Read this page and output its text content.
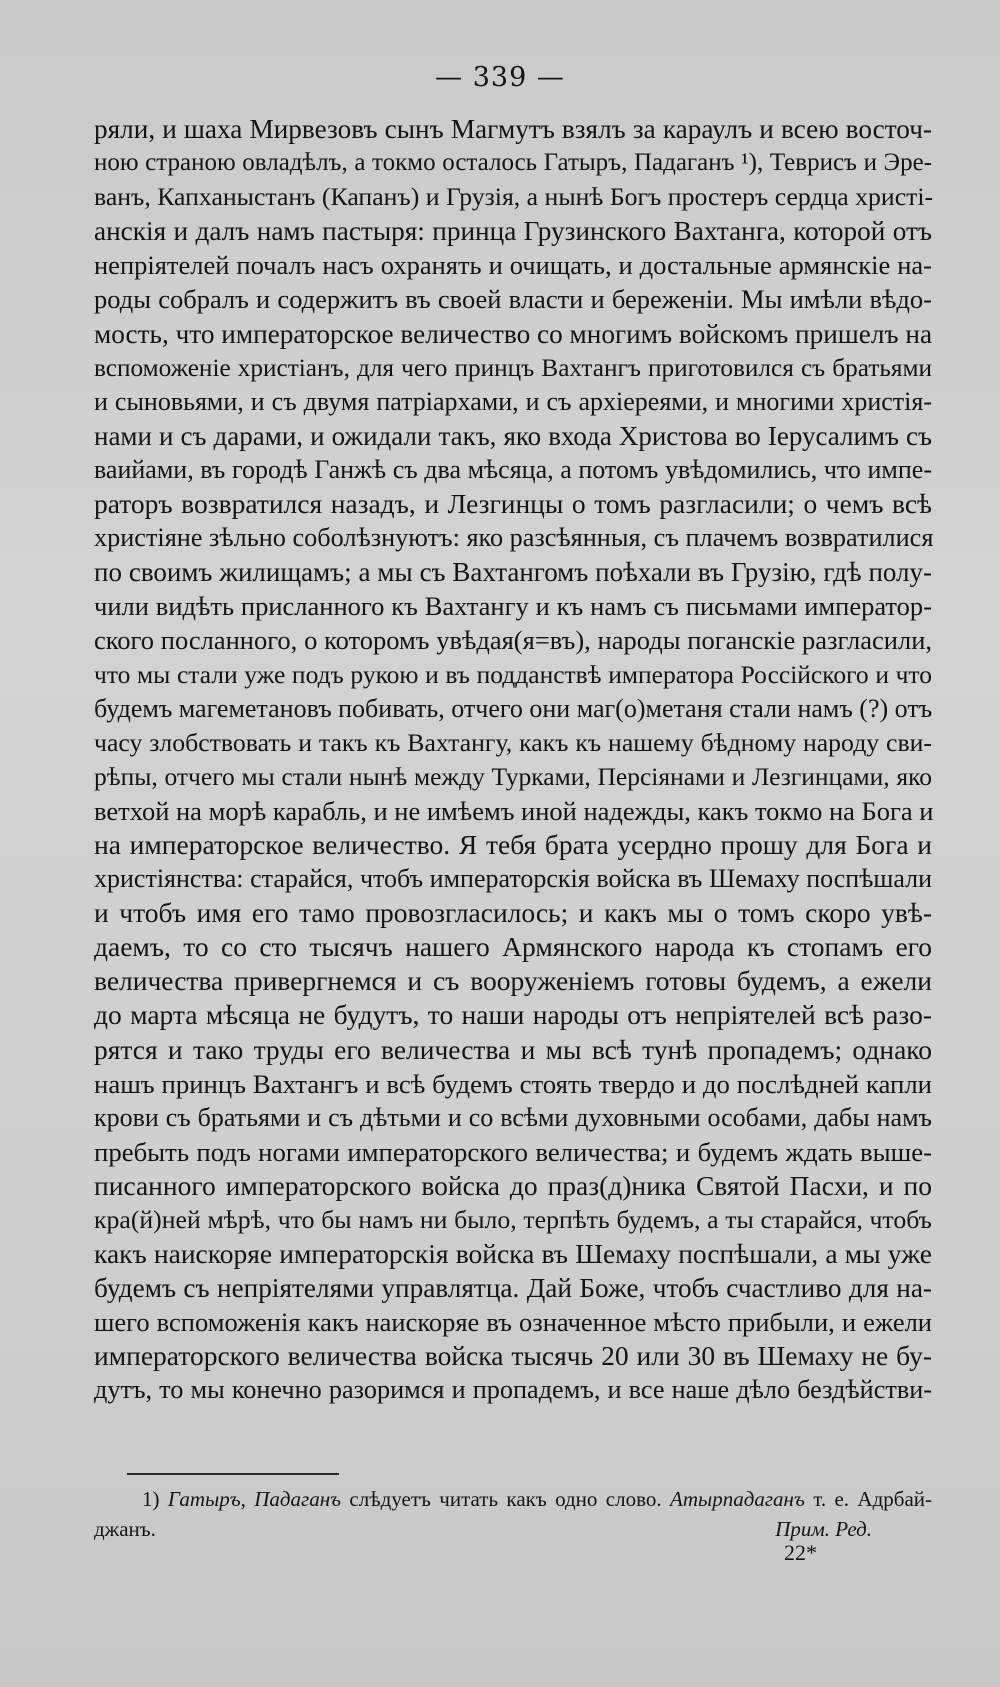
— 339 —
ряли, и шаха Мирвезовъ сынъ Магмутъ взялъ за караулъ и всею восточ-
ною страною овладѣлъ, а токмо осталось Гатыръ, Падаганъ ¹), Теврисъ и Эре-
ванъ, Капханыстанъ (Капанъ) и Грузія, а нынѣ Богъ простеръ сердца христі-
анскія и далъ намъ пастыря: принца Грузинского Вахтанга, которой отъ
непріятелей почалъ насъ охранять и очищать, и достальные армянскіе на-
роды собралъ и содержитъ въ своей власти и береженіи. Мы имѣли вѣдо-
мость, что императорское величество со многимъ войскомъ пришелъ на
вспоможеніе христіанъ, для чего принцъ Вахтангъ приготовился съ братьями
и сыновьями, и съ двумя патріархами, и съ архіереями, и многими христія-
нами и съ дарами, и ожидали такъ, яко входа Христова во Іерусалимъ съ
ваийами, въ городѣ Ганжѣ съ два мѣсяца, а потомъ увѣдомились, что импе-
раторъ возвратился назадъ, и Лезгинцы о томъ разгласили; о чемъ всѣ
христіяне зѣльно соболѣзнуютъ: яко разсѣянныя, съ плачемъ возвратилися
по своимъ жилищамъ; а мы съ Вахтангомъ поѣхали въ Грузію, гдѣ полу-
чили видѣть присланного къ Вахтангу и къ намъ съ письмами император-
ского посланного, о которомъ увѣдая(я=въ), народы поганскіе разгласили,
что мы стали уже подъ рукою и въ подданствѣ императора Россійского и что
будемъ магеметановъ побивать, отчего они маг(о)метаня стали намъ (?) отъ
часу злобствовать и такъ къ Вахтангу, какъ къ нашему бѣдному народу сви-
рѣпы, отчего мы стали нынѣ между Турками, Персіянами и Лезгинцами, яко
ветхой на морѣ карабль, и не имѣемъ иной надежды, какъ токмо на Бога и
на императорское величество. Я тебя брата усердно прошу для Бога и
христіянства: старайся, чтобъ императорскія войска въ Шемаху поспѣшали
и чтобъ имя его тамо провозгласилось; и какъ мы о томъ скоро увѣ-
даемъ, то со сто тысячъ нашего Армянского народа къ стопамъ его
величества привергнемся и съ вооруженіемъ готовы будемъ, а ежели
до марта мѣсяца не будутъ, то наши народы отъ непріятелей всѣ разо-
рятся и тако труды его величества и мы всѣ тунѣ пропадемъ; однако
нашъ принцъ Вахтангъ и всѣ будемъ стоять твердо и до послѣдней капли
крови съ братьями и съ дѣтьми и со всѣми духовными особами, дабы намъ
пребыть подъ ногами императорского величества; и будемъ ждать выше-
писанного императорского войска до праз(д)ника Святой Пасхи, и по
кра(й)ней мѣрѣ, что бы намъ ни было, терпѣть будемъ, а ты старайся, чтобъ
какъ наискоряе императорскія войска въ Шемаху поспѣшали, а мы уже
будемъ съ непріятелями управлятца. Дай Боже, чтобъ счастливо для на-
шего вспоможенія какъ наискоряе въ означенное мѣсто прибыли, и ежели
императорского величества войска тысячь 20 или 30 въ Шемаху не бу-
дутъ, то мы конечно разоримся и пропадемъ, и все наше дѣло бездѣйстви-
1) Гатыръ, Падаганъ слѣдуетъ читать какъ одно слово. Атырпадаганъ т. е. Адрбай-
джанъ.	Прим. Ред.
22*
